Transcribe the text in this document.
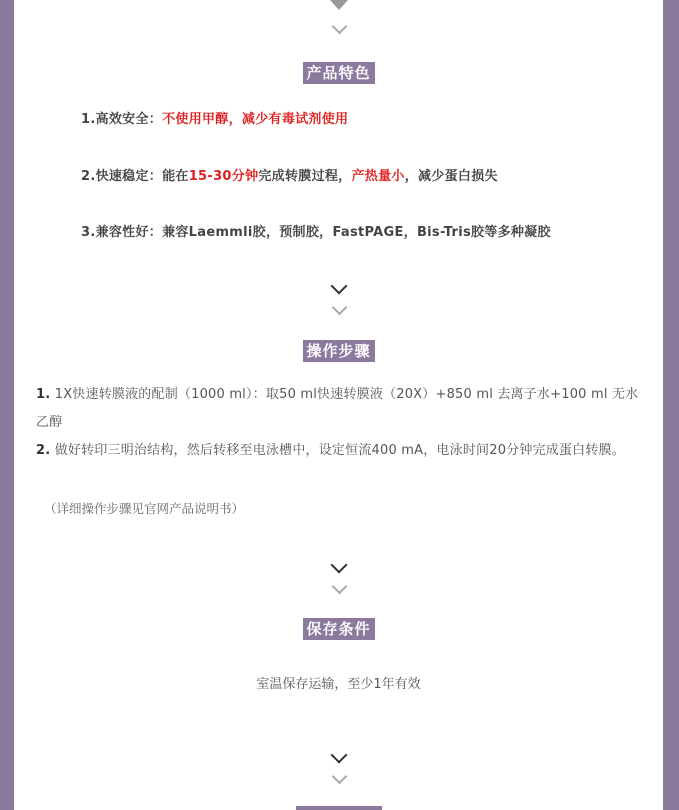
产品特色
1.高效安全：不使用甲醇，减少有毒试剂使用
2.快速稳定：能在15-30分钟完成转膜过程，产热量小，减少蛋白损失
3.兼容性好：兼容Laemmli胶，预制胶，FastPAGE，Bis-Tris胶等多种凝胶
操作步骤
1. 1X快速转膜液的配制（1000 ml）：取50 ml快速转膜液（20X）+850 ml 去离子水+100 ml 无水乙醇
2. 做好转印三明治结构，然后转移至电泳槽中，设定恒流400 mA，电泳时间20分钟完成蛋白转膜。
（详细操作步骤见官网产品说明书）
保存条件
室温保存运输，至少1年有效
